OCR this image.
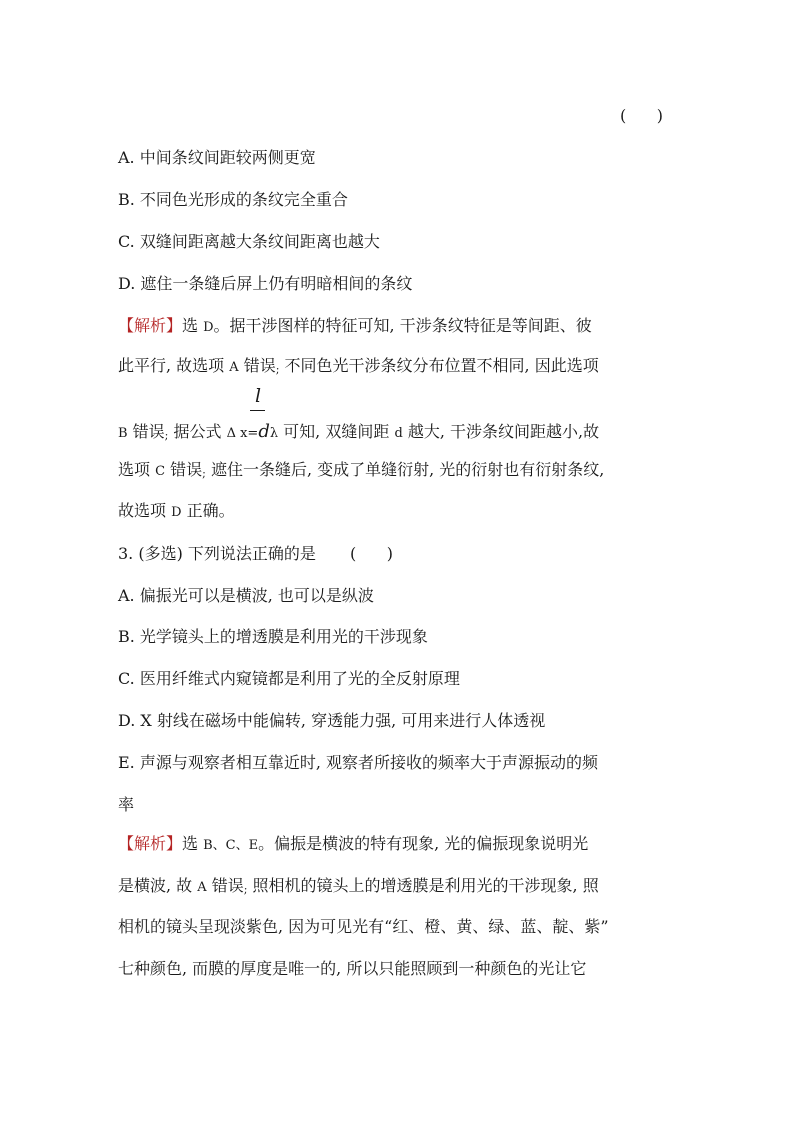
(      )
A. 中间条纹间距较两侧更宽
B. 不同色光形成的条纹完全重合
C. 双缝间距离越大条纹间距离也越大
D. 遮住一条缝后屏上仍有明暗相间的条纹
【解析】选 D。据干涉图样的特征可知, 干涉条纹特征是等间距、彼
此平行, 故选项 A 错误; 不同色光干涉条纹分布位置不相同, 因此选项
l
B 错误; 据公式 Δ x=dλ 可知, 双缝间距 d 越大, 干涉条纹间距越小,故
选项 C 错误; 遮住一条缝后, 变成了单缝衍射, 光的衍射也有衍射条纹,
故选项 D 正确。
3. (多选) 下列说法正确的是 (      )
A. 偏振光可以是横波, 也可以是纵波
B. 光学镜头上的增透膜是利用光的干涉现象
C. 医用纤维式内窥镜都是利用了光的全反射原理
D. X 射线在磁场中能偏转, 穿透能力强, 可用来进行人体透视
E. 声源与观察者相互靠近时, 观察者所接收的频率大于声源振动的频
率
【解析】选 B、C、E。偏振是横波的特有现象, 光的偏振现象说明光
是横波, 故 A 错误; 照相机的镜头上的增透膜是利用光的干涉现象, 照
相机的镜头呈现淡紫色, 因为可见光有“红、橙、黄、绿、蓝、靛、紫”
七种颜色, 而膜的厚度是唯一的, 所以只能照顾到一种颜色的光让它
